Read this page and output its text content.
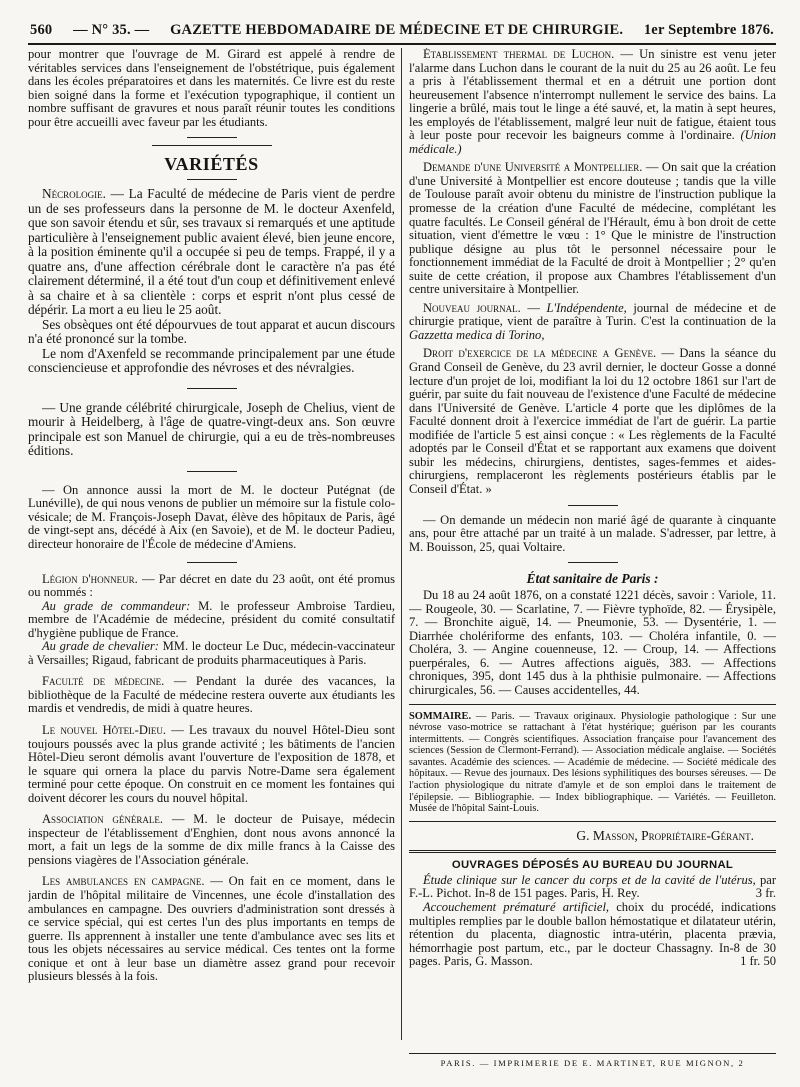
560 — N° 35. — GAZETTE HEBDOMADAIRE DE MÉDECINE ET DE CHIRURGIE. 1er Septembre 1876.

pour montrer que l'ouvrage de M. Girard est appelé à rendre de véritables services dans l'enseignement de l'obstétrique, puis également dans les écoles préparatoires et dans les maternités. Ce livre est du reste bien soigné dans la forme et l'exécution typographique, il contient un nombre suffisant de gravures et nous paraît réunir toutes les conditions pour être accueilli avec faveur par les étudiants.

VARIÉTÉS

Nécrologie. — La Faculté de médecine de Paris vient de perdre un de ses professeurs dans la personne de M. le docteur Axenfeld, que son savoir étendu et sûr, ses travaux si remarqués et une aptitude particulière à l'enseignement public avaient élevé, bien jeune encore, à la position éminente qu'il a occupée si peu de temps. Frappé, il y a quatre ans, d'une affection cérébrale dont le caractère n'a pas été clairement déterminé, il a été tout d'un coup et définitivement enlevé à sa chaire et à sa clientèle : corps et esprit n'ont plus cessé de dépérir. La mort a eu lieu le 25 août.

Ses obsèques ont été dépourvues de tout apparat et aucun discours n'a été prononcé sur la tombe.

Le nom d'Axenfeld se recommande principalement par une étude consciencieuse et approfondie des névroses et des névralgies.

— Une grande célébrité chirurgicale, Joseph de Chelius, vient de mourir à Heidelberg, à l'âge de quatre-vingt-deux ans. Son œuvre principale est son Manuel de chirurgie, qui a eu de très-nombreuses éditions.

— On annonce aussi la mort de M. le docteur Putégnat (de Lunéville), de qui nous venons de publier un mémoire sur la fistule colo-vésicale; de M. François-Joseph Davat, élève des hôpitaux de Paris, âgé de vingt-sept ans, décédé à Aix (en Savoie), et de M. le docteur Padieu, directeur honoraire de l'École de médecine d'Amiens.

Légion d'honneur. — Par décret en date du 23 août, ont été promus ou nommés :

Au grade de commandeur: M. le professeur Ambroise Tardieu, membre de l'Académie de médecine, président du comité consultatif d'hygiène publique de France.

Au grade de chevalier: MM. le docteur Le Duc, médecin-vaccinateur à Versailles; Rigaud, fabricant de produits pharmaceutiques à Paris.

Faculté de médecine. — Pendant la durée des vacances, la bibliothèque de la Faculté de médecine restera ouverte aux étudiants les mardis et vendredis, de midi à quatre heures.

Le nouvel Hôtel-Dieu. — Les travaux du nouvel Hôtel-Dieu sont toujours poussés avec la plus grande activité ; les bâtiments de l'ancien Hôtel-Dieu seront démolis avant l'ouverture de l'exposition de 1878, et le square qui ornera la place du parvis Notre-Dame sera également terminé pour cette époque. On construit en ce moment les fontaines qui doivent décorer les cours du nouvel hôpital.

Association générale. — M. le docteur de Puisaye, médecin inspecteur de l'établissement d'Enghien, dont nous avons annoncé la mort, a fait un legs de la somme de dix mille francs à la Caisse des pensions viagères de l'Association générale.

Les ambulances en campagne. — On fait en ce moment, dans le jardin de l'hôpital militaire de Vincennes, une école d'installation des ambulances en campagne. Des ouvriers d'administration sont dressés à ce service spécial, qui est certes l'un des plus importants en temps de guerre. Ils apprennent à installer une tente d'ambulance avec ses lits et tous les objets nécessaires au service médical. Ces tentes ont la forme conique et ont à leur base un diamètre assez grand pour recevoir plusieurs blessés à la fois.

Établissement thermal de Luchon. — Un sinistre est venu jeter l'alarme dans Luchon dans le courant de la nuit du 25 au 26 août. Le feu a pris à l'établissement thermal et en a détruit une portion dont heureusement l'absence n'interrompt nullement le service des bains. La lingerie a brûlé, mais tout le linge a été sauvé, et, la matin à sept heures, les employés de l'établissement, malgré leur nuit de fatigue, étaient tous à leur poste pour recevoir les baigneurs comme à l'ordinaire. (Union médicale.)

Demande d'une Université a Montpellier. — On sait que la création d'une Université à Montpellier est encore douteuse ; tandis que la ville de Toulouse paraît avoir obtenu du ministre de l'instruction publique la promesse de la création d'une Faculté de médecine, complétant les quatre facultés. Le Conseil général de l'Hérault, ému à bon droit de cette situation, vient d'émettre le vœu : 1° Que le ministre de l'instruction publique désigne au plus tôt le personnel nécessaire pour le fonctionnement immédiat de la Faculté de droit à Montpellier ; 2° qu'en suite de cette création, il propose aux Chambres l'établissement d'un centre universitaire à Montpellier.

Nouveau journal. — L'Indépendente, journal de médecine et de chirurgie pratique, vient de paraître à Turin. C'est la continuation de la Gazzetta medica di Torino,

Droit d'exercice de la médecine a Genève. — Dans la séance du Grand Conseil de Genève, du 23 avril dernier, le docteur Gosse a donné lecture d'un projet de loi, modifiant la loi du 12 octobre 1861 sur l'art de guérir, par suite du fait nouveau de l'existence d'une Faculté de médecine dans l'Université de Genève. L'article 4 porte que les diplômes de la Faculté donnent droit à l'exercice immédiat de l'art de guérir. La partie modifiée de l'article 5 est ainsi conçue : « Les règlements de la Faculté adoptés par le Conseil d'État et se rapportant aux examens que doivent subir les médecins, chirurgiens, dentistes, sages-femmes et aides-chirurgiens, remplaceront les règlements postérieurs établis par le Conseil d'État. »

— On demande un médecin non marié âgé de quarante à cinquante ans, pour être attaché par un traité à un malade. S'adresser, par lettre, à M. Bouisson, 25, quai Voltaire.

État sanitaire de Paris :

Du 18 au 24 août 1876, on a constaté 1221 décès, savoir : Variole, 11. — Rougeole, 30. — Scarlatine, 7. — Fièvre typhoïde, 82. — Érysipèle, 7. — Bronchite aiguë, 14. — Pneumonie, 53. — Dysentérie, 1. — Diarrhée cholériforme des enfants, 103. — Choléra infantile, 0. — Choléra, 3. — Angine couenneuse, 12. — Croup, 14. — Affections puerpérales, 6. — Autres affections aiguës, 383. — Affections chroniques, 395, dont 145 dus à la phthisie pulmonaire. — Affections chirurgicales, 56. — Causes accidentelles, 44.

SOMMAIRE. — Paris. — Travaux originaux. Physiologie pathologique : Sur une névrose vaso-motrice se rattachant à l'état hystérique; guérison par les courants intermittents. — Congrès scientifiques. Association française pour l'avancement des sciences (Session de Clermont-Ferrand). — Association médicale anglaise. — Sociétés savantes. Académie des sciences. — Académie de médecine. — Société médicale des hôpitaux. — Revue des journaux. Des lésions syphilitiques des bourses séreuses. — De l'action physiologique du nitrate d'amyle et de son emploi dans le traitement de l'épilepsie. — Bibliographie. — Index bibliographique. — Variétés. — Feuilleton. Musée de l'hôpital Saint-Louis.

G. Masson, Propriétaire-Gérant.
OUVRAGES DÉPOSÉS AU BUREAU DU JOURNAL

Étude clinique sur le cancer du corps et de la cavité de l'utérus, par F.-L. Pichot. In-8 de 151 pages. Paris, H. Rey.	3 fr.

Accouchement prématuré artificiel, choix du procédé, indications multiples remplies par le double ballon hémostatique et dilatateur utérin, rétention du placenta, diagnostic intra-utérin, placenta prævia, hémorrhagie post partum, etc., par le docteur Chassagny. In-8 de 30 pages. Paris, G. Masson.	1 fr. 50

PARIS. — IMPRIMERIE DE E. MARTINET, RUE MIGNON, 2
